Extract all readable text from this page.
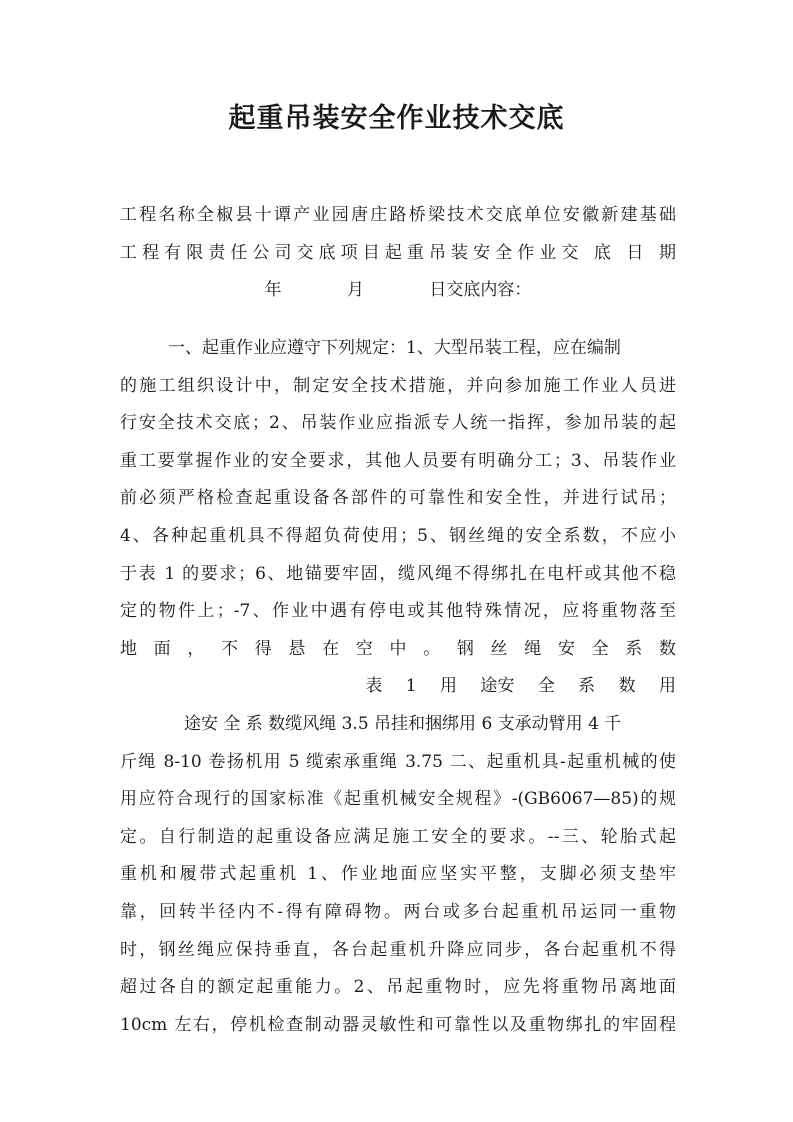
起重吊装安全作业技术交底
工程名称全椒县十谭产业园唐庄路桥梁技术交底单位安徽新建基础
工程有限责任公司交底项目起重吊装安全作业交 底 日 期
年 月 日交底内容：
一、起重作业应遵守下列规定：1、大型吊装工程，应在编制
的施工组织设计中，制定安全技术措施，并向参加施工作业人员进
行安全技术交底；2、吊装作业应指派专人统一指挥，参加吊装的起
重工要掌握作业的安全要求，其他人员要有明确分工；3、吊装作业
前必须严格检查起重设备各部件的可靠性和安全性，并进行试吊；
4、各种起重机具不得超负荷使用；5、钢丝绳的安全系数，不应小
于表 1 的要求；6、地锚要牢固，缆风绳不得绑扎在电杆或其他不稳
定的物件上；-7、作业中遇有停电或其他特殊情况，应将重物落至
地 面 ， 不 得 悬 在 空 中 。 钢 丝 绳 安 全 系 数
表 1 用 途安 全 系 数 用
途安 全 系 数缆风绳 3.5 吊挂和捆绑用 6 支承动臂用 4 千
斤绳 8-10 卷扬机用 5 缆索承重绳 3.75 二、起重机具-起重机械的使
用应符合现行的国家标准《起重机械安全规程》-(GB6067—85)的规
定。自行制造的起重设备应满足施工安全的要求。--三、轮胎式起
重机和履带式起重机 1、作业地面应坚实平整，支脚必须支垫牢
靠，回转半径内不-得有障碍物。两台或多台起重机吊运同一重物
时，钢丝绳应保持垂直，各台起重机升降应同步，各台起重机不得
超过各自的额定起重能力。2、吊起重物时，应先将重物吊离地面
10cm 左右，停机检查制动器灵敏性和可靠性以及重物绑扎的牢固程
